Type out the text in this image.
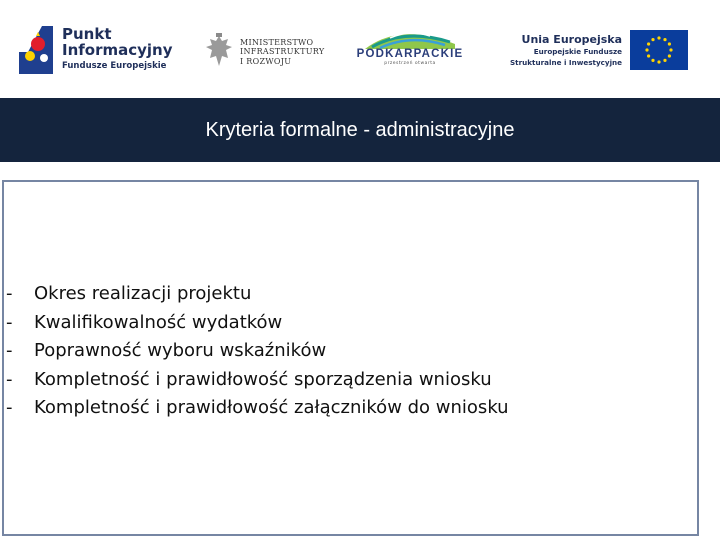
Punkt
Informacyjny
Fundusze Europejskie
MINISTERSTWO
INFRASTRUKTURY
I ROZWOJU
PODKARPACKIE
przestrzeń otwarta
Unia Europejska
Europejskie Fundusze
Strukturalne i Inwestycyjne
Kryteria formalne - administracyjne
- Okres realizacji projektu
- Kwalifikowalność wydatków
- Poprawność wyboru wskaźników
- Kompletność i prawidłowość sporządzenia wniosku
- Kompletność i prawidłowość załączników do wniosku
